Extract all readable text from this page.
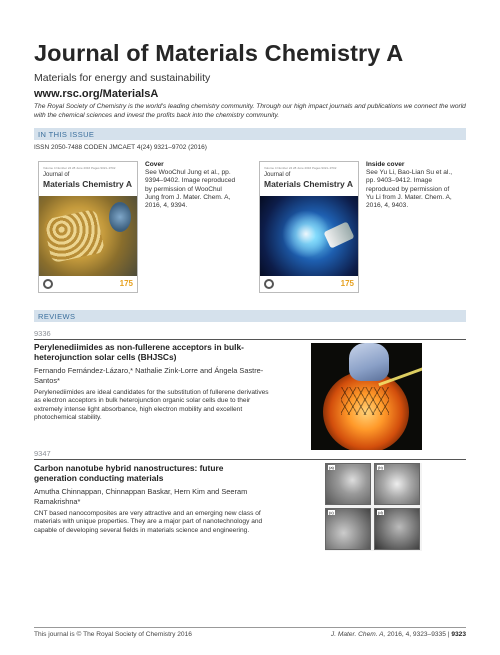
Journal of Materials Chemistry A
Materials for energy and sustainability
www.rsc.org/MaterialsA
The Royal Society of Chemistry is the world’s leading chemistry community. Through our high impact journals and publications we connect the world with the chemical sciences and invest the profits back into the chemistry community.
IN THIS ISSUE
ISSN 2050-7488 CODEN JMCAET 4(24) 9321–9702 (2016)
Volume 4 Number 24 28 June 2016 Pages 9321–9702
Journal of
Materials Chemistry A
175
Cover
See WooChul Jung et al., pp. 9394–9402. Image reproduced by permission of WooChul Jung from J. Mater. Chem. A, 2016, 4, 9394.
Volume 4 Number 24 28 June 2016 Pages 9321–9702
Journal of
Materials Chemistry A
175
Inside cover
See Yu Li, Bao-Lian Su et al., pp. 9403–9412. Image reproduced by permission of Yu Li from J. Mater. Chem. A, 2016, 4, 9403.
REVIEWS
9336
Perylenediimides as non-fullerene acceptors in bulk-heterojunction solar cells (BHJSCs)
Fernando Fernández-Lázaro,* Nathalie Zink-Lorre and Ángela Sastre-Santos*
Perylenediimides are ideal candidates for the substitution of fullerene derivatives as electron acceptors in bulk heterojunction organic solar cells due to their extremely intense light absorbance, high electron mobility and excellent photochemical stability.
9347
Carbon nanotube hybrid nanostructures: future generation conducting materials
Amutha Chinnappan, Chinnappan Baskar, Hern Kim and Seeram Ramakrishna*
CNT based nanocomposites are very attractive and an emerging new class of materials with unique properties. They are a major part of nanotechnology and capable of developing several fields in materials science and engineering.
(a)	(b)
(c)	(d)
This journal is © The Royal Society of Chemistry 2016	J. Mater. Chem. A, 2016, 4, 9323–9335 | 9323
